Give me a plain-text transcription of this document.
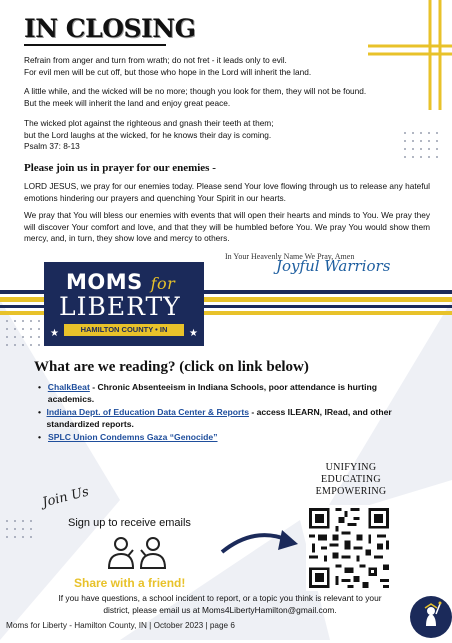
IN CLOSING
Refrain from anger and turn from wrath; do not fret - it leads only to evil.
For evil men will be cut off, but those who hope in the Lord will inherit the land.
A little while, and the wicked will be no more; though you look for them, they will not be found.
But the meek will inherit the land and enjoy great peace.
The wicked plot against the righteous and gnash their teeth at them;
but the Lord laughs at the wicked, for he knows their day is coming.
Psalm 37: 8-13
Please join us in prayer for our enemies -
LORD JESUS, we pray for our enemies today. Please send Your love flowing through us to release any hateful emotions hindering our prayers and quenching Your Spirit in our hearts.
We pray that You will bless our enemies with events that will open their hearts and minds to You. We pray they will discover Your comfort and love, and that they will be humbled before You. We pray You would show them mercy, and, in turn, they show love and mercy to others.
In Your Heavenly Name We Pray, Amen
Joyful Warriors
★	★
MOMS for
LIBERTY
HAMILTON COUNTY • IN
What are we reading? (click on link below)
• ChalkBeat - Chronic Absenteeism in Indiana Schools, poor attendance is hurting academics.
• Indiana Dept. of Education Data Center & Reports - access ILEARN, IRead, and other standardized reports.
• SPLC Union Condemns Gaza “Genocide”
Join Us
Sign up to receive emails
Share with a friend!
UNIFYING
EDUCATING
EMPOWERING
If you have questions, a school incident to report, or a topic you think is relevant to your district, please email us at Moms4LibertyHamilton@gmail.com.
Moms for Liberty - Hamilton County, IN | October 2023 | page 6
